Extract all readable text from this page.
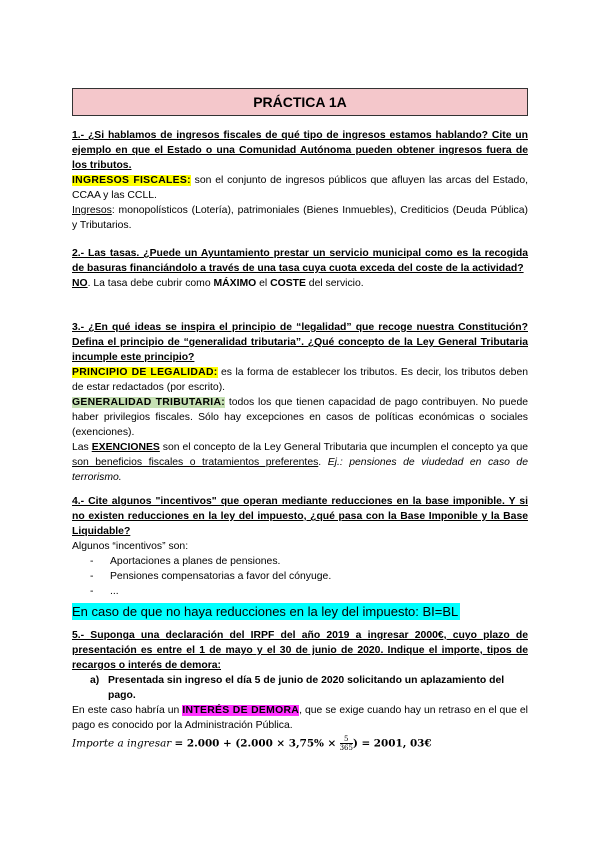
PRÁCTICA 1A
1.- ¿Si hablamos de ingresos fiscales de qué tipo de ingresos estamos hablando? Cite un ejemplo en que el Estado o una Comunidad Autónoma pueden obtener ingresos fuera de los tributos.
INGRESOS FISCALES: son el conjunto de ingresos públicos que afluyen las arcas del Estado, CCAA y las CCLL.
Ingresos: monopolísticos (Lotería), patrimoniales (Bienes Inmuebles), Crediticios (Deuda Pública) y Tributarios.
2.- Las tasas. ¿Puede un Ayuntamiento prestar un servicio municipal como es la recogida de basuras financiándolo a través de una tasa cuya cuota exceda del coste de la actividad?
NO. La tasa debe cubrir como MÁXIMO el COSTE del servicio.
3.- ¿En qué ideas se inspira el principio de “legalidad” que recoge nuestra Constitución? Defina el principio de “generalidad tributaria”. ¿Qué concepto de la Ley General Tributaria incumple este principio?
PRINCIPIO DE LEGALIDAD: es la forma de establecer los tributos. Es decir, los tributos deben de estar redactados (por escrito).
GENERALIDAD TRIBUTARIA: todos los que tienen capacidad de pago contribuyen. No puede haber privilegios fiscales. Sólo hay excepciones en casos de políticas económicas o sociales (exenciones).
Las EXENCIONES son el concepto de la Ley General Tributaria que incumplen el concepto ya que son beneficios fiscales o tratamientos preferentes. Ej.: pensiones de viudedad en caso de terrorismo.
4.- Cite algunos "incentivos" que operan mediante reducciones en la base imponible. Y si no existen reducciones en la ley del impuesto, ¿qué pasa con la Base Imponible y la Base Liquidable?
Algunos “incentivos” son:
- Aportaciones a planes de pensiones.
- Pensiones compensatorias a favor del cónyuge.
- ...
En caso de que no haya reducciones en la ley del impuesto: BI=BL
5.- Suponga una declaración del IRPF del año 2019 a ingresar 2000€, cuyo plazo de presentación es entre el 1 de mayo y el 30 de junio de 2020. Indique el importe, tipos de recargos o interés de demora:
a) Presentada sin ingreso el día 5 de junio de 2020 solicitando un aplazamiento del pago.
En este caso habría un INTERÉS DE DEMORA, que se exige cuando hay un retraso en el que el pago es conocido por la Administración Pública.
Importe a ingresar = $2.000 + (2.000 \times 3,75\% \times \frac{5}{365}$ ) = 2001, 03€
